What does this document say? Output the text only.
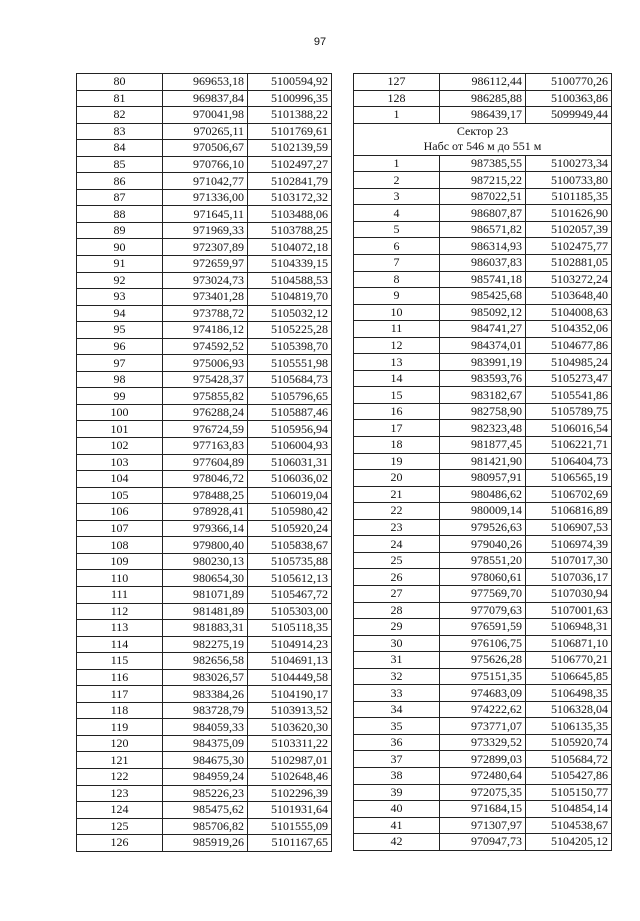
97
80	969653,18	5100594,92
81	969837,84	5100996,35
82	970041,98	5101388,22
83	970265,11	5101769,61
84	970506,67	5102139,59
85	970766,10	5102497,27
86	971042,77	5102841,79
87	971336,00	5103172,32
88	971645,11	5103488,06
89	971969,33	5103788,25
90	972307,89	5104072,18
91	972659,97	5104339,15
92	973024,73	5104588,53
93	973401,28	5104819,70
94	973788,72	5105032,12
95	974186,12	5105225,28
96	974592,52	5105398,70
97	975006,93	5105551,98
98	975428,37	5105684,73
99	975855,82	5105796,65
100	976288,24	5105887,46
101	976724,59	5105956,94
102	977163,83	5106004,93
103	977604,89	5106031,31
104	978046,72	5106036,02
105	978488,25	5106019,04
106	978928,41	5105980,42
107	979366,14	5105920,24
108	979800,40	5105838,67
109	980230,13	5105735,88
110	980654,30	5105612,13
111	981071,89	5105467,72
112	981481,89	5105303,00
113	981883,31	5105118,35
114	982275,19	5104914,23
115	982656,58	5104691,13
116	983026,57	5104449,58
117	983384,26	5104190,17
118	983728,79	5103913,52
119	984059,33	5103620,30
120	984375,09	5103311,22
121	984675,30	5102987,01
122	984959,24	5102648,46
123	985226,23	5102296,39
124	985475,62	5101931,64
125	985706,82	5101555,09
126	985919,26	5101167,65
127	986112,44	5100770,26
128	986285,88	5100363,86
1	986439,17	5099949,44
Сектор 23		
Набс от 546 м до 551 м		
1	987385,55	5100273,34
2	987215,22	5100733,80
3	987022,51	5101185,35
4	986807,87	5101626,90
5	986571,82	5102057,39
6	986314,93	5102475,77
7	986037,83	5102881,05
8	985741,18	5103272,24
9	985425,68	5103648,40
10	985092,12	5104008,63
11	984741,27	5104352,06
12	984374,01	5104677,86
13	983991,19	5104985,24
14	983593,76	5105273,47
15	983182,67	5105541,86
16	982758,90	5105789,75
17	982323,48	5106016,54
18	981877,45	5106221,71
19	981421,90	5106404,73
20	980957,91	5106565,19
21	980486,62	5106702,69
22	980009,14	5106816,89
23	979526,63	5106907,53
24	979040,26	5106974,39
25	978551,20	5107017,30
26	978060,61	5107036,17
27	977569,70	5107030,94
28	977079,63	5107001,63
29	976591,59	5106948,31
30	976106,75	5106871,10
31	975626,28	5106770,21
32	975151,35	5106645,85
33	974683,09	5106498,35
34	974222,62	5106328,04
35	973771,07	5106135,35
36	973329,52	5105920,74
37	972899,03	5105684,72
38	972480,64	5105427,86
39	972075,35	5105150,77
40	971684,15	5104854,14
41	971307,97	5104538,67
42	970947,73	5104205,12
